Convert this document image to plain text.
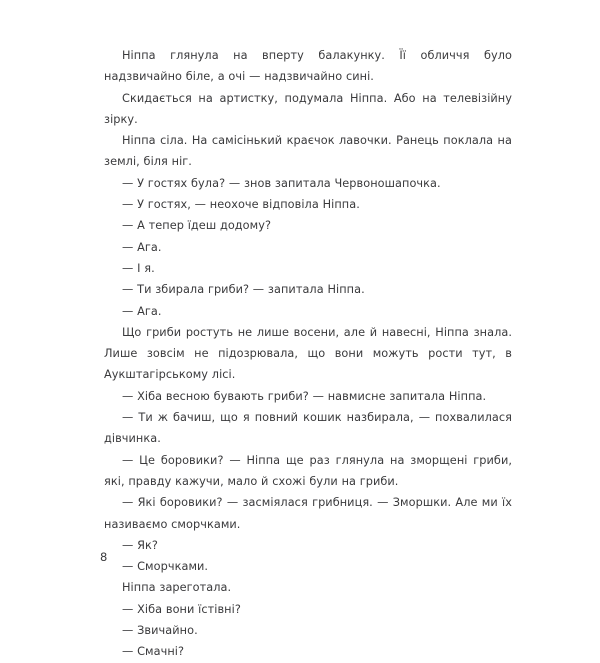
Ніппа глянула на вперту балакунку. Її обличчя було надзвичайно біле, а очі — надзвичайно сині.

Скидається на артистку, подумала Ніппа. Або на телевізійну зірку.

Ніппа сіла. На самісінький краєчок лавочки. Ранець поклала на землі, біля ніг.

— У гостях була? — знов запитала Червоношапочка.

— У гостях, — неохоче відповіла Ніппа.

— А тепер їдеш додому?

— Ага.

— І я.

— Ти збирала гриби? — запитала Ніппа.

— Ага.

Що гриби ростуть не лише восени, але й навесні, Ніппа знала. Лише зовсім не підозрювала, що вони можуть рости тут, в Аукштагірському лісі.

— Хіба весною бувають гриби? — навмисне запитала Ніппа.

— Ти ж бачиш, що я повний кошик назбирала, — похвалилася дівчинка.

— Це боровики? — Ніппа ще раз глянула на зморщені гриби, які, правду кажучи, мало й схожі були на гриби.

— Які боровики? — засміялася грибниця. — Зморшки. Але ми їх називаємо сморчками.

— Як?

— Сморчками.

Ніппа зареготала.

— Хіба вони їстівні?

— Звичайно.

— Смачні?

8
